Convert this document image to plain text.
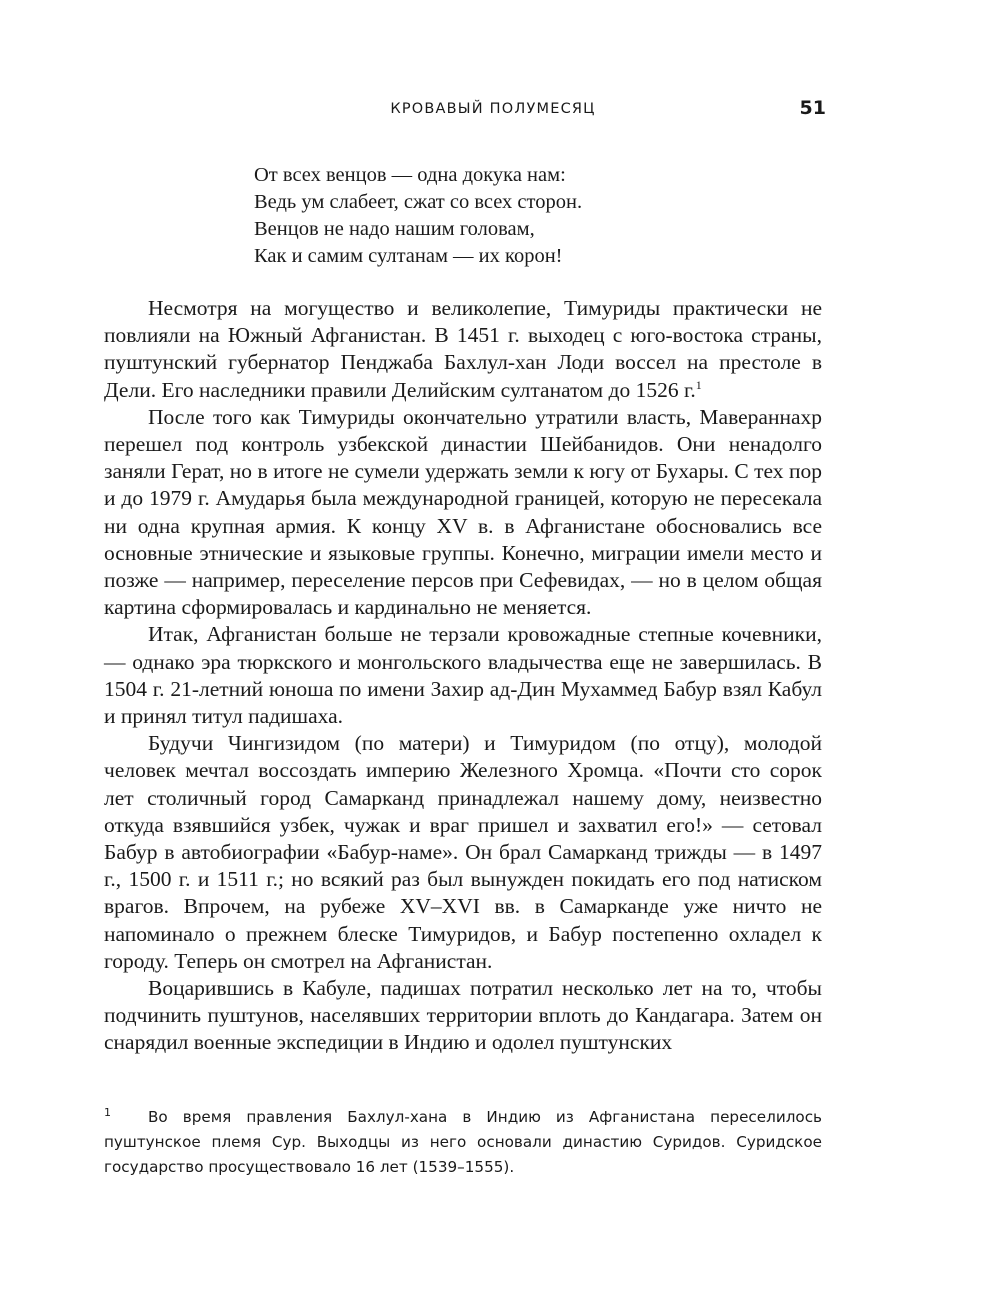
КРОВАВЫЙ ПОЛУМЕСЯЦ	51
От всех венцов — одна докука нам:
Ведь ум слабеет, сжат со всех сторон.
Венцов не надо нашим головам,
Как и самим султанам — их корон!

Несмотря на могущество и великолепие, Тимуриды практически не повлияли на Южный Афганистан. В 1451 г. выходец с юго-востока страны, пуштунский губернатор Пенджаба Бахлул-хан Лоди воссел на престоле в Дели. Его наследники правили Делийским султанатом до 1526 г.$^1$

После того как Тимуриды окончательно утратили власть, Мавераннахр перешел под контроль узбекской династии Шейбанидов. Они ненадолго заняли Герат, но в итоге не сумели удержать земли к югу от Бухары. С тех пор и до 1979 г. Амударья была международной границей, которую не пересекала ни одна крупная армия. К концу XV в. в Афганистане обосновались все основные этнические и языковые группы. Конечно, миграции имели место и позже — например, переселение персов при Сефевидах, — но в целом общая картина сформировалась и кардинально не меняется.

Итак, Афганистан больше не терзали кровожадные степные кочевники, — однако эра тюркского и монгольского владычества еще не завершилась. В 1504 г. 21-летний юноша по имени Захир ад-Дин Мухаммед Бабур взял Кабул и принял титул падишаха.

Будучи Чингизидом (по матери) и Тимуридом (по отцу), молодой человек мечтал воссоздать империю Железного Хромца. «Почти сто сорок лет столичный город Самарканд принадлежал нашему дому, неизвестно откуда взявшийся узбек, чужак и враг пришел и захватил его!» — сетовал Бабур в автобиографии «Бабур-наме». Он брал Самарканд трижды — в 1497 г., 1500 г. и 1511 г.; но всякий раз был вынужден покидать его под натиском врагов. Впрочем, на рубеже XV–XVI вв. в Самарканде уже ничто не напоминало о прежнем блеске Тимуридов, и Бабур постепенно охладел к городу. Теперь он смотрел на Афганистан.

Воцарившись в Кабуле, падишах потратил несколько лет на то, чтобы подчинить пуштунов, населявших территории вплоть до Кандагара. Затем он снарядил военные экспедиции в Индию и одолел пуштунских

1 Во время правления Бахлул-хана в Индию из Афганистана переселилось пуштунское племя Сур. Выходцы из него основали династию Суридов. Суридское государство просуществовало 16 лет (1539–1555).
